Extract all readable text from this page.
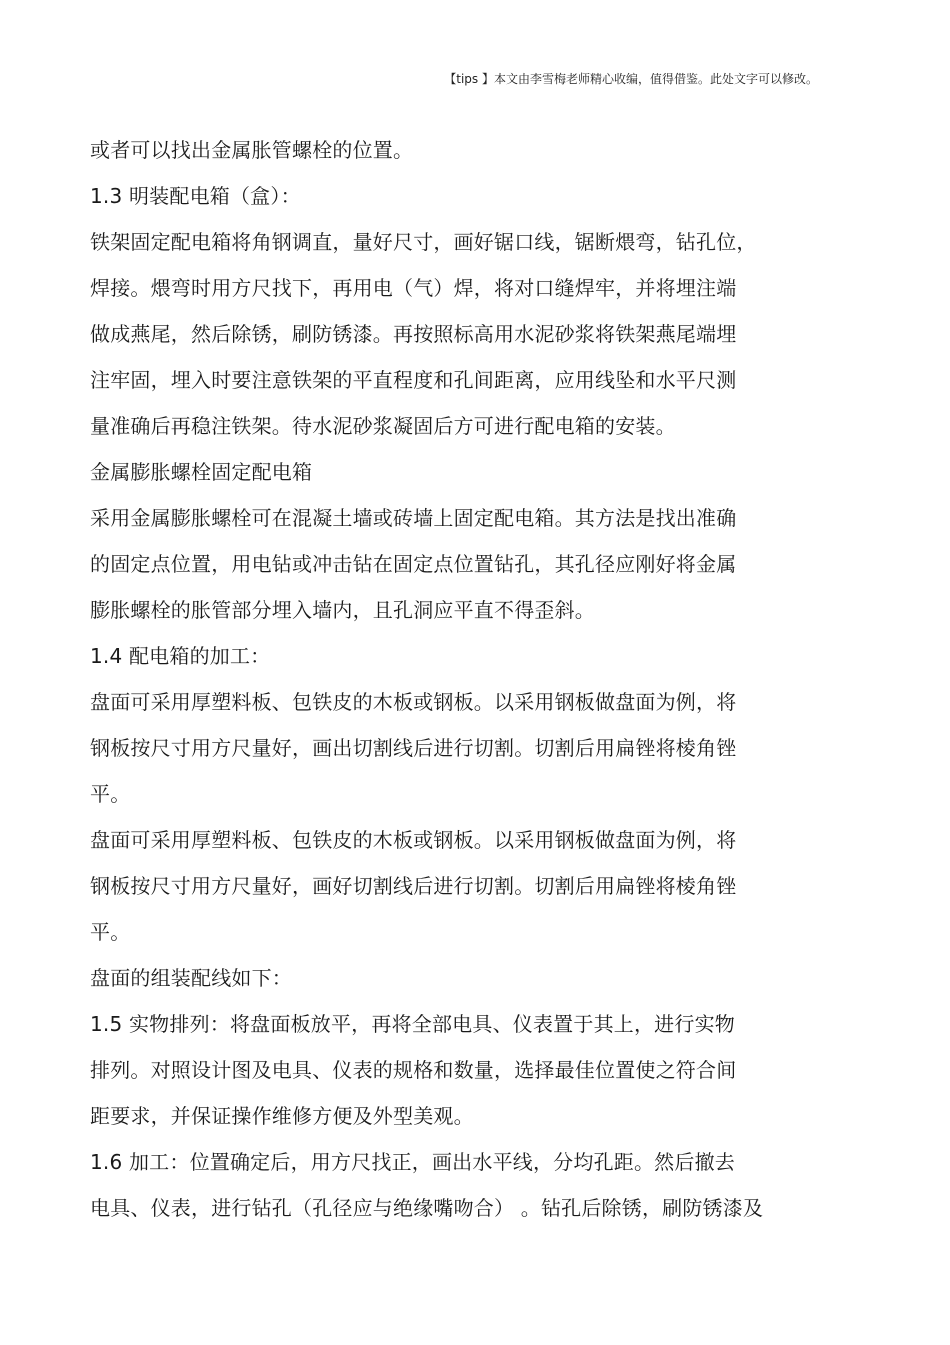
【tips 】本文由李雪梅老师精心收编，值得借鉴。此处文字可以修改。
或者可以找出金属胀管螺栓的位置。
1.3 明装配电箱（盒）：
铁架固定配电箱将角钢调直，量好尺寸，画好锯口线，锯断煨弯，钻孔位，
焊接。煨弯时用方尺找下，再用电（气）焊，将对口缝焊牢，并将埋注端
做成燕尾，然后除锈，刷防锈漆。再按照标高用水泥砂浆将铁架燕尾端埋
注牢固，埋入时要注意铁架的平直程度和孔间距离，应用线坠和水平尺测
量准确后再稳注铁架。待水泥砂浆凝固后方可进行配电箱的安装。
金属膨胀螺栓固定配电箱
采用金属膨胀螺栓可在混凝土墙或砖墙上固定配电箱。其方法是找出准确
的固定点位置，用电钻或冲击钻在固定点位置钻孔，其孔径应刚好将金属
膨胀螺栓的胀管部分埋入墙内，且孔洞应平直不得歪斜。
1.4 配电箱的加工：
盘面可采用厚塑料板、包铁皮的木板或钢板。以采用钢板做盘面为例，将
钢板按尺寸用方尺量好，画出切割线后进行切割。切割后用扁锉将棱角锉
平。
盘面可采用厚塑料板、包铁皮的木板或钢板。以采用钢板做盘面为例，将
钢板按尺寸用方尺量好，画好切割线后进行切割。切割后用扁锉将棱角锉
平。
盘面的组装配线如下：
1.5 实物排列：将盘面板放平，再将全部电具、仪表置于其上，进行实物
排列。对照设计图及电具、仪表的规格和数量，选择最佳位置使之符合间
距要求，并保证操作维修方便及外型美观。
1.6 加工：位置确定后，用方尺找正，画出水平线，分均孔距。然后撤去
电具、仪表，进行钻孔（孔径应与绝缘嘴吻合） 。钻孔后除锈，刷防锈漆及
